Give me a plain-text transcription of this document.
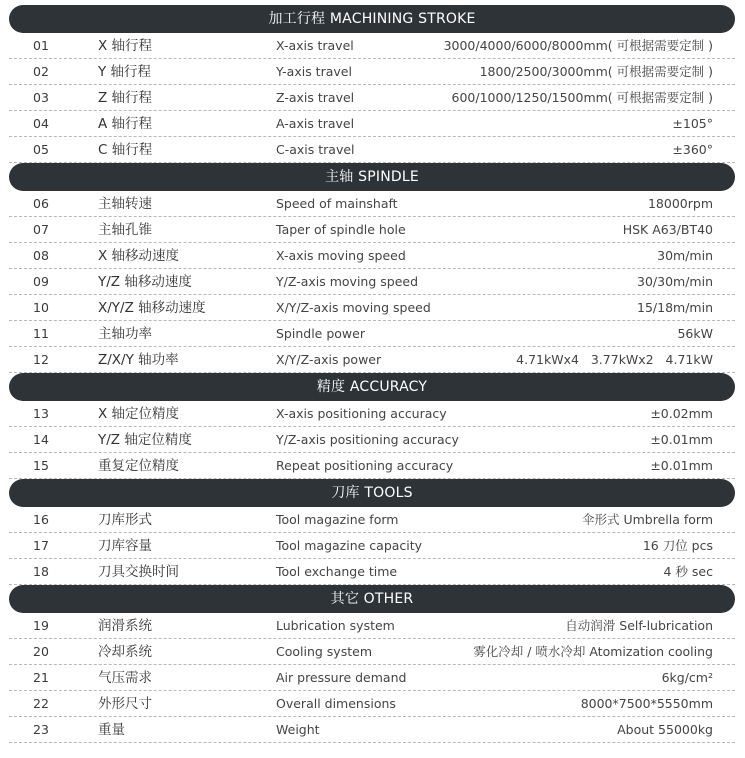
加工行程 MACHINING STROKE
01	X 轴行程	X-axis travel	3000/4000/6000/8000mm( 可根据需要定制 )
02	Y 轴行程	Y-axis travel	1800/2500/3000mm( 可根据需要定制 )
03	Z 轴行程	Z-axis travel	600/1000/1250/1500mm( 可根据需要定制 )
04	A 轴行程	A-axis travel	±105°
05	C 轴行程	C-axis travel	±360°
主轴 SPINDLE
06	主轴转速	Speed of mainshaft	18000rpm
07	主轴孔锥	Taper of spindle hole	HSK A63/BT40
08	X 轴移动速度	X-axis moving speed	30m/min
09	Y/Z 轴移动速度	Y/Z-axis moving speed	30/30m/min
10	X/Y/Z 轴移动速度	X/Y/Z-axis moving speed	15/18m/min
11	主轴功率	Spindle power	56kW
12	Z/X/Y 轴功率	X/Y/Z-axis power	4.71kWx4   3.77kWx2   4.71kW
精度 ACCURACY
13	X 轴定位精度	X-axis positioning accuracy	±0.02mm
14	Y/Z 轴定位精度	Y/Z-axis positioning accuracy	±0.01mm
15	重复定位精度	Repeat positioning accuracy	±0.01mm
刀库 TOOLS
16	刀库形式	Tool magazine form	伞形式 Umbrella form
17	刀库容量	Tool magazine capacity	16 刀位 pcs
18	刀具交换时间	Tool exchange time	4 秒 sec
其它 OTHER
19	润滑系统	Lubrication system	自动润滑 Self-lubrication
20	冷却系统	Cooling system	雾化冷却 / 喷水冷却 Atomization cooling
21	气压需求	Air pressure demand	6kg/cm²
22	外形尺寸	Overall dimensions	8000*7500*5550mm
23	重量	Weight	About 55000kg
